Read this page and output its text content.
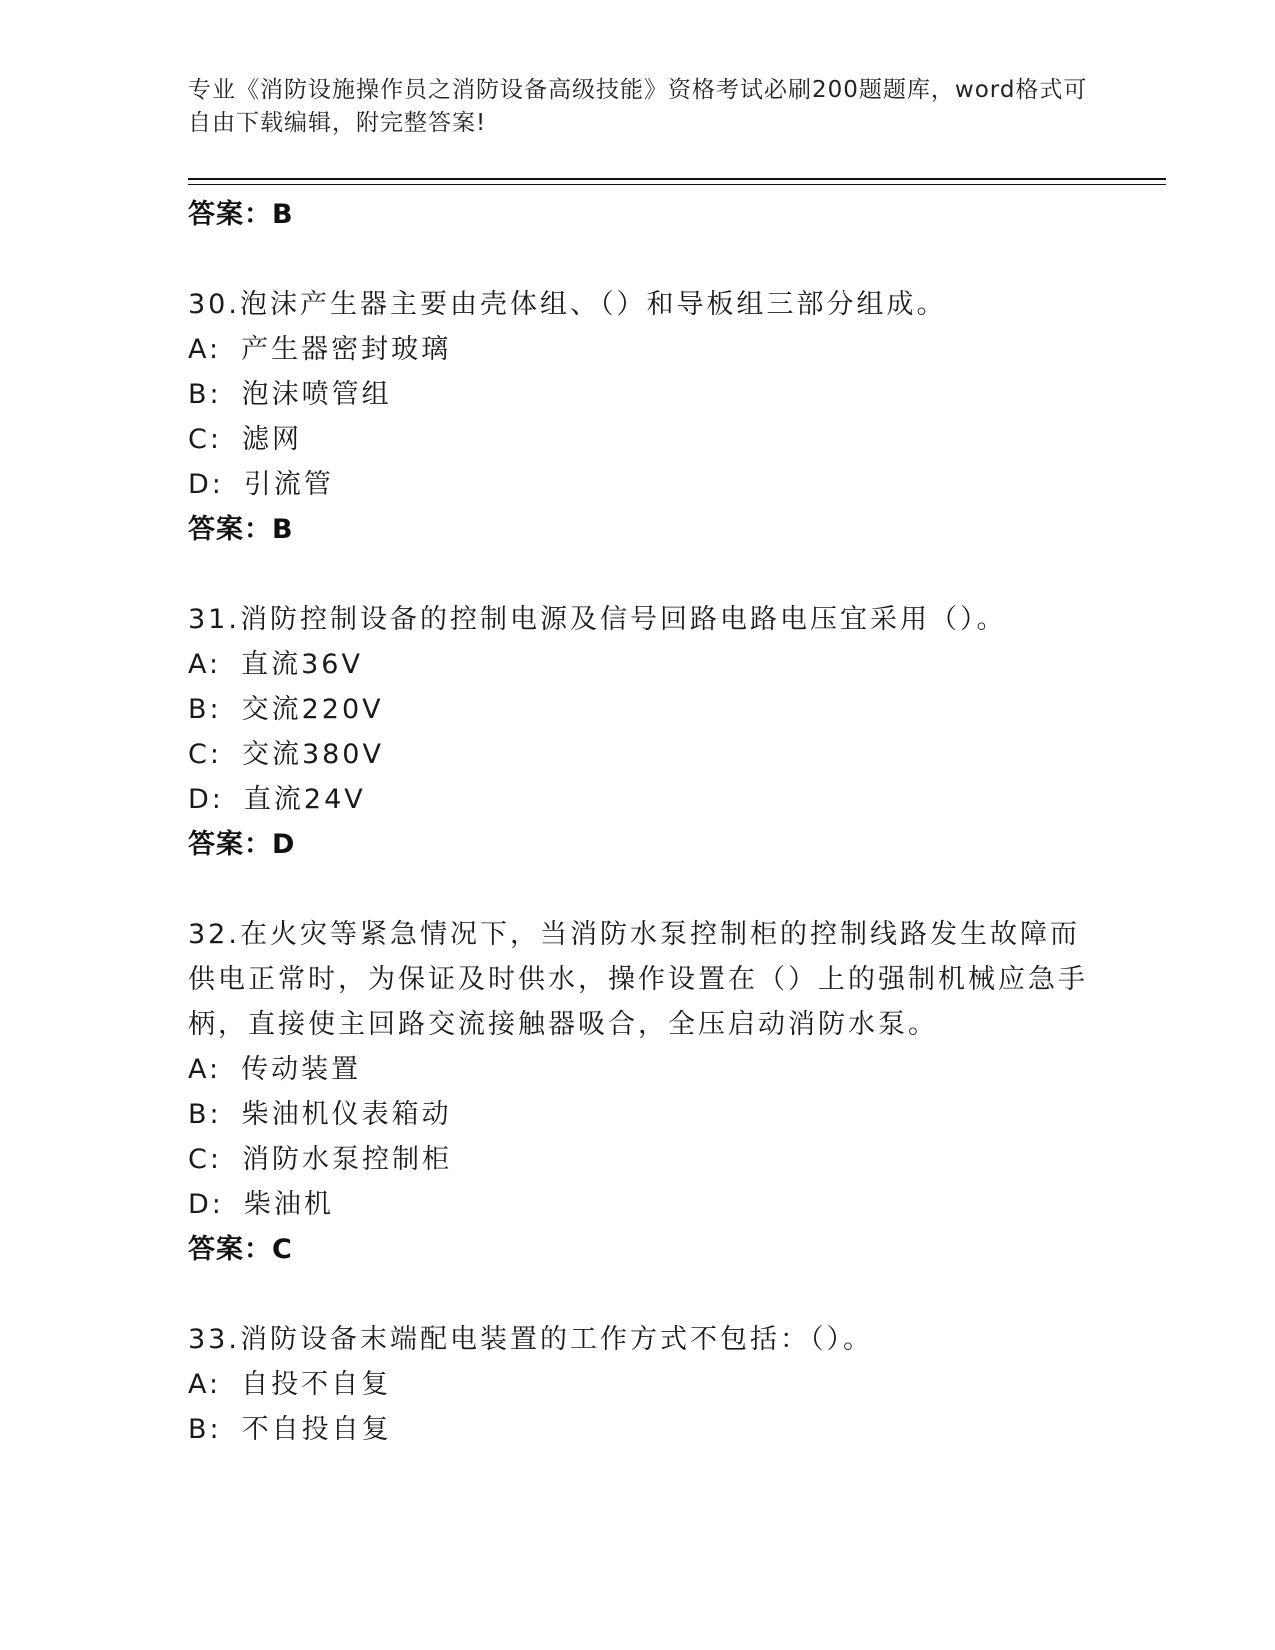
专业《消防设施操作员之消防设备高级技能》资格考试必刷200题题库，word格式可自由下载编辑，附完整答案!
答案：B
30.泡沫产生器主要由壳体组、（）和导板组三部分组成。
A: 产生器密封玻璃
B: 泡沫喷管组
C: 滤网
D: 引流管
答案：B
31.消防控制设备的控制电源及信号回路电路电压宜采用（）。
A: 直流36V
B: 交流220V
C: 交流380V
D: 直流24V
答案：D
32.在火灾等紧急情况下，当消防水泵控制柜的控制线路发生故障而供电正常时，为保证及时供水，操作设置在（）上的强制机械应急手柄，直接使主回路交流接触器吸合，全压启动消防水泵。
A: 传动装置
B: 柴油机仪表箱动
C: 消防水泵控制柜
D: 柴油机
答案：C
33.消防设备末端配电装置的工作方式不包括：（）。
A: 自投不自复
B: 不自投自复
